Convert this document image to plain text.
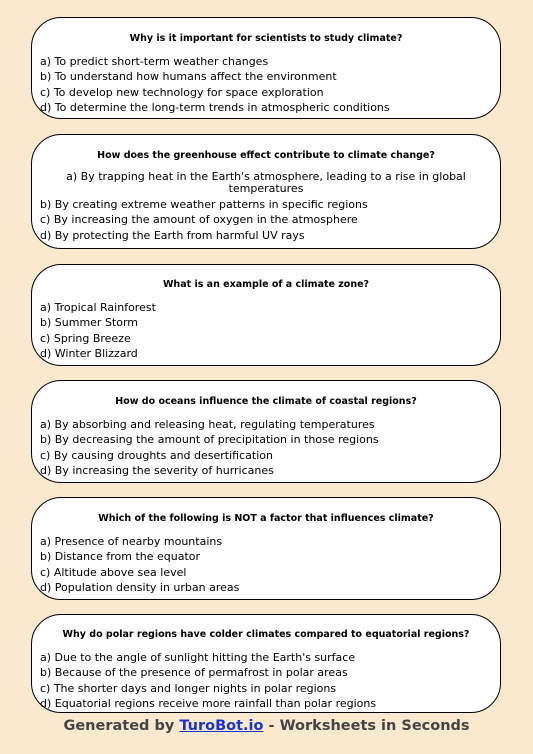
Why is it important for scientists to study climate?

a) To predict short-term weather changes
b) To understand how humans affect the environment
c) To develop new technology for space exploration
d) To determine the long-term trends in atmospheric conditions

How does the greenhouse effect contribute to climate change?

a) By trapping heat in the Earth's atmosphere, leading to a rise in global temperatures
b) By creating extreme weather patterns in specific regions
c) By increasing the amount of oxygen in the atmosphere
d) By protecting the Earth from harmful UV rays

What is an example of a climate zone?

a) Tropical Rainforest
b) Summer Storm
c) Spring Breeze
d) Winter Blizzard

How do oceans influence the climate of coastal regions?

a) By absorbing and releasing heat, regulating temperatures
b) By decreasing the amount of precipitation in those regions
c) By causing droughts and desertification
d) By increasing the severity of hurricanes

Which of the following is NOT a factor that influences climate?

a) Presence of nearby mountains
b) Distance from the equator
c) Altitude above sea level
d) Population density in urban areas

Why do polar regions have colder climates compared to equatorial regions?

a) Due to the angle of sunlight hitting the Earth's surface
b) Because of the presence of permafrost in polar areas
c) The shorter days and longer nights in polar regions
d) Equatorial regions receive more rainfall than polar regions
Generated by TuroBot.io - Worksheets in Seconds
